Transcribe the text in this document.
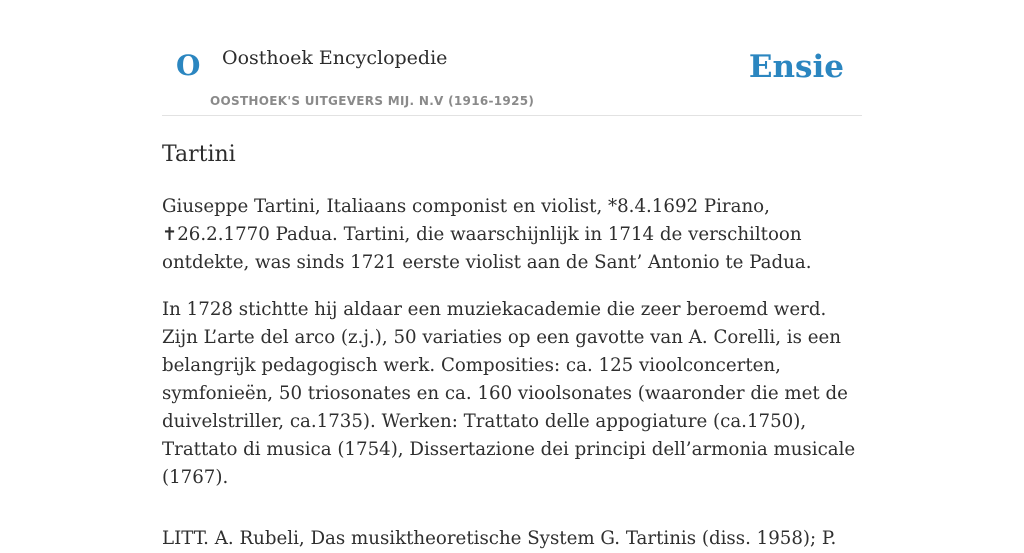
O Oosthoek Encyclopedie
OOSTHOEK'S UITGEVERS MIJ. N.V (1916-1925)
Ensie
Tartini

Giuseppe Tartini, Italiaans componist en violist, *8.4.1692 Pirano, ✝26.2.1770 Padua. Tartini, die waarschijnlijk in 1714 de verschiltoon ontdekte, was sinds 1721 eerste violist aan de Sant’ Antonio te Padua.

In 1728 stichtte hij aldaar een muziekacademie die zeer beroemd werd. Zijn L’arte del arco (z.j.), 50 variaties op een gavotte van A. Corelli, is een belangrijk pedagogisch werk. Composities: ca. 125 vioolconcerten, symfonieën, 50 triosonates en ca. 160 vioolsonates (waaronder die met de duivelstriller, ca.1735). Werken: Trattato delle appogiature (ca.1750), Trattato di musica (1754), Dissertazione dei principi dell’armonia musicale (1767).

LITT. A. Rubeli, Das musiktheoretische System G. Tartinis (diss. 1958); P.
